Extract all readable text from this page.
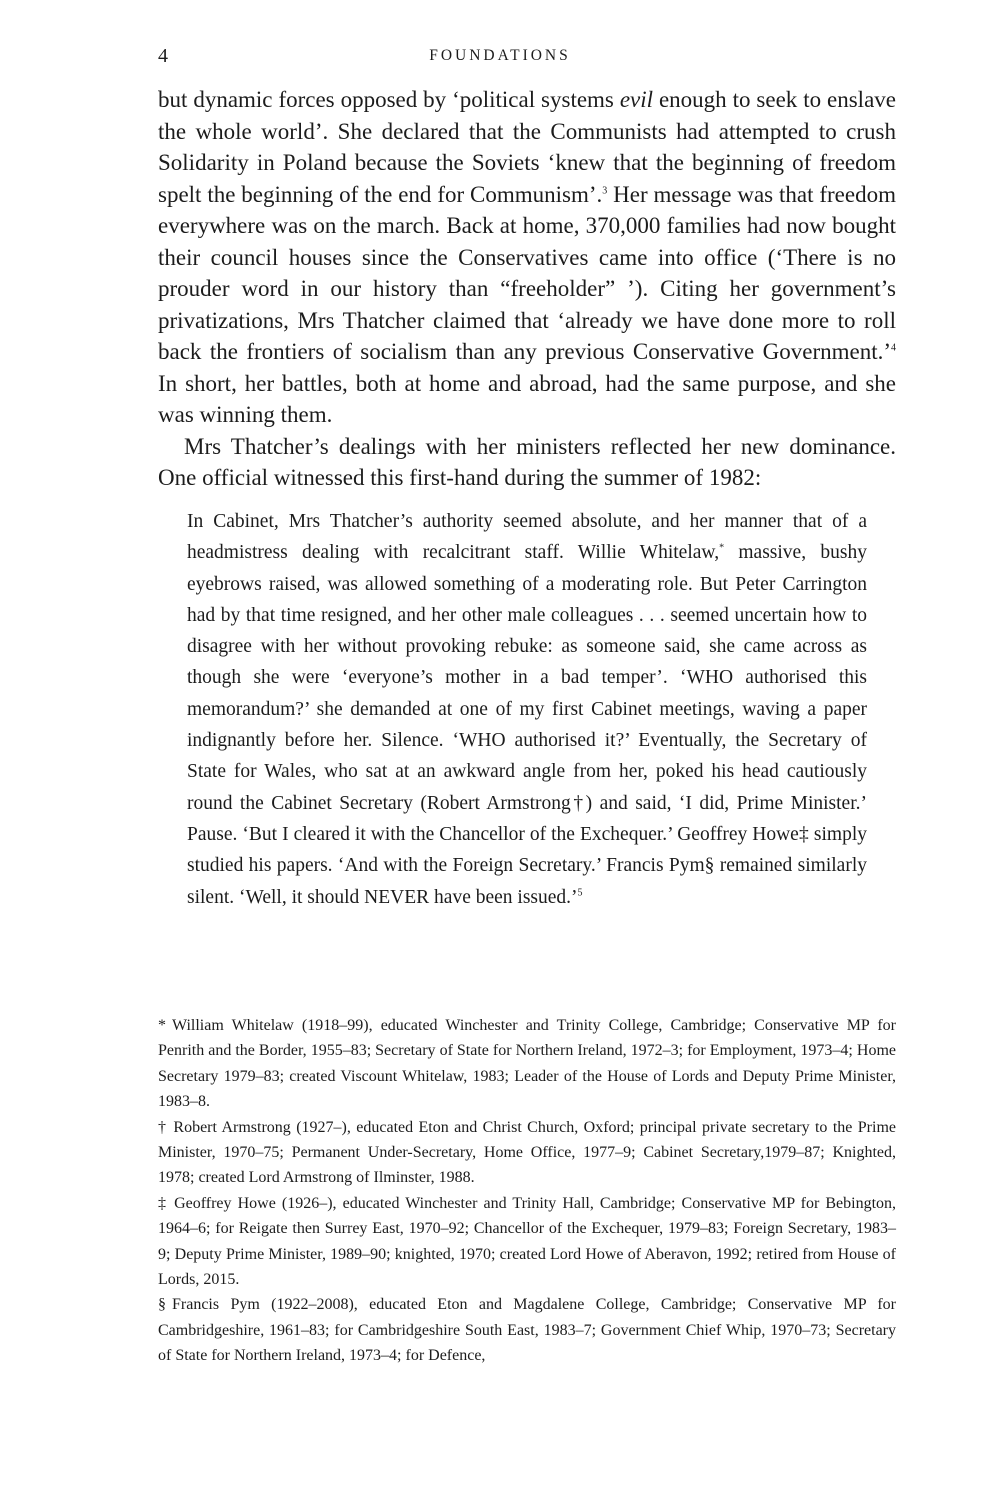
4	FOUNDATIONS

but dynamic forces opposed by ‘political systems evil enough to seek to enslave the whole world’. She declared that the Communists had attempted to crush Solidarity in Poland because the Soviets ‘knew that the beginning of freedom spelt the beginning of the end for Communism’.$^3$ Her message was that freedom everywhere was on the march. Back at home, 370,000 families had now bought their council houses since the Conservatives came into office (‘There is no prouder word in our history than “freeholder” ’). Citing her government’s privatizations, Mrs Thatcher claimed that ‘already we have done more to roll back the frontiers of socialism than any previous Conservative Government.’$^4$ In short, her battles, both at home and abroad, had the same purpose, and she was winning them.

Mrs Thatcher’s dealings with her ministers reflected her new dominance. One official witnessed this first-hand during the summer of 1982:

In Cabinet, Mrs Thatcher’s authority seemed absolute, and her manner that of a headmistress dealing with recalcitrant staff. Willie Whitelaw,* massive, bushy eyebrows raised, was allowed something of a moderating role. But Peter Carrington had by that time resigned, and her other male colleagues . . . seemed uncertain how to disagree with her without provoking rebuke: as someone said, she came across as though she were ‘everyone’s mother in a bad temper’. ‘WHO authorised this memorandum?’ she demanded at one of my first Cabinet meetings, waving a paper indignantly before her. Silence. ‘WHO authorised it?’ Eventually, the Secretary of State for Wales, who sat at an awkward angle from her, poked his head cautiously round the Cabinet Secretary (Robert Armstrong†) and said, ‘I did, Prime Minister.’ Pause. ‘But I cleared it with the Chancellor of the Exchequer.’ Geoffrey Howe‡ simply studied his papers. ‘And with the Foreign Secretary.’ Francis Pym§ remained similarly silent. ‘Well, it should NEVER have been issued.’$^5$

* William Whitelaw (1918–99), educated Winchester and Trinity College, Cambridge; Conservative MP for Penrith and the Border, 1955–83; Secretary of State for Northern Ireland, 1972–3; for Employment, 1973–4; Home Secretary 1979–83; created Viscount Whitelaw, 1983; Leader of the House of Lords and Deputy Prime Minister, 1983–8.

† Robert Armstrong (1927–), educated Eton and Christ Church, Oxford; principal private secretary to the Prime Minister, 1970–75; Permanent Under-Secretary, Home Office, 1977–9; Cabinet Secretary,1979–87; Knighted, 1978; created Lord Armstrong of Ilminster, 1988.

‡ Geoffrey Howe (1926–), educated Winchester and Trinity Hall, Cambridge; Conservative MP for Bebington, 1964–6; for Reigate then Surrey East, 1970–92; Chancellor of the Exchequer, 1979–83; Foreign Secretary, 1983–9; Deputy Prime Minister, 1989–90; knighted, 1970; created Lord Howe of Aberavon, 1992; retired from House of Lords, 2015.

§ Francis Pym (1922–2008), educated Eton and Magdalene College, Cambridge; Conservative MP for Cambridgeshire, 1961–83; for Cambridgeshire South East, 1983–7; Government Chief Whip, 1970–73; Secretary of State for Northern Ireland, 1973–4; for Defence,
